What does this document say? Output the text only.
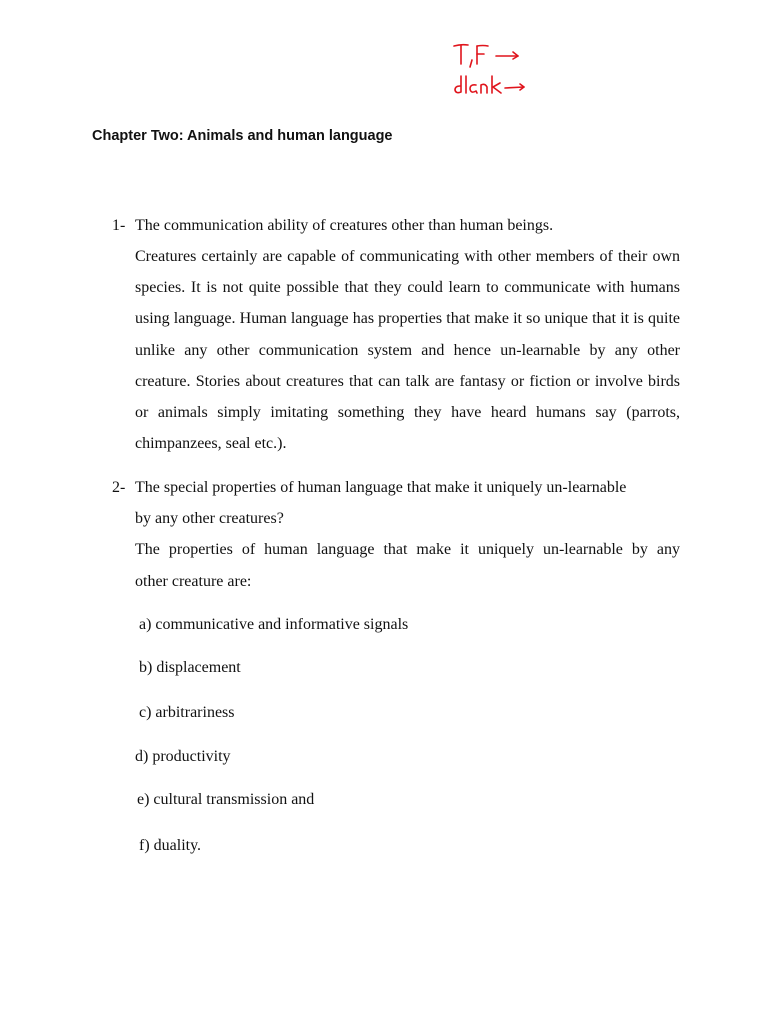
Chapter Two: Animals and human language
1- The communication ability of creatures other than human beings.
Creatures certainly are capable of communicating with other members of their own species. It is not quite possible that they could learn to communicate with humans using language. Human language has properties that make it so unique that it is quite unlike any other communication system and hence un-learnable by any other creature. Stories about creatures that can talk are fantasy or fiction or involve birds or animals simply imitating something they have heard humans say (parrots, chimpanzees, seal etc.).
2- The special properties of human language that make it uniquely un-learnable
by any other creatures?
The properties of human language that make it uniquely un-learnable by any
other creature are:
a) communicative and informative signals
b) displacement
c) arbitrariness
d) productivity
e) cultural transmission and
f) duality.
